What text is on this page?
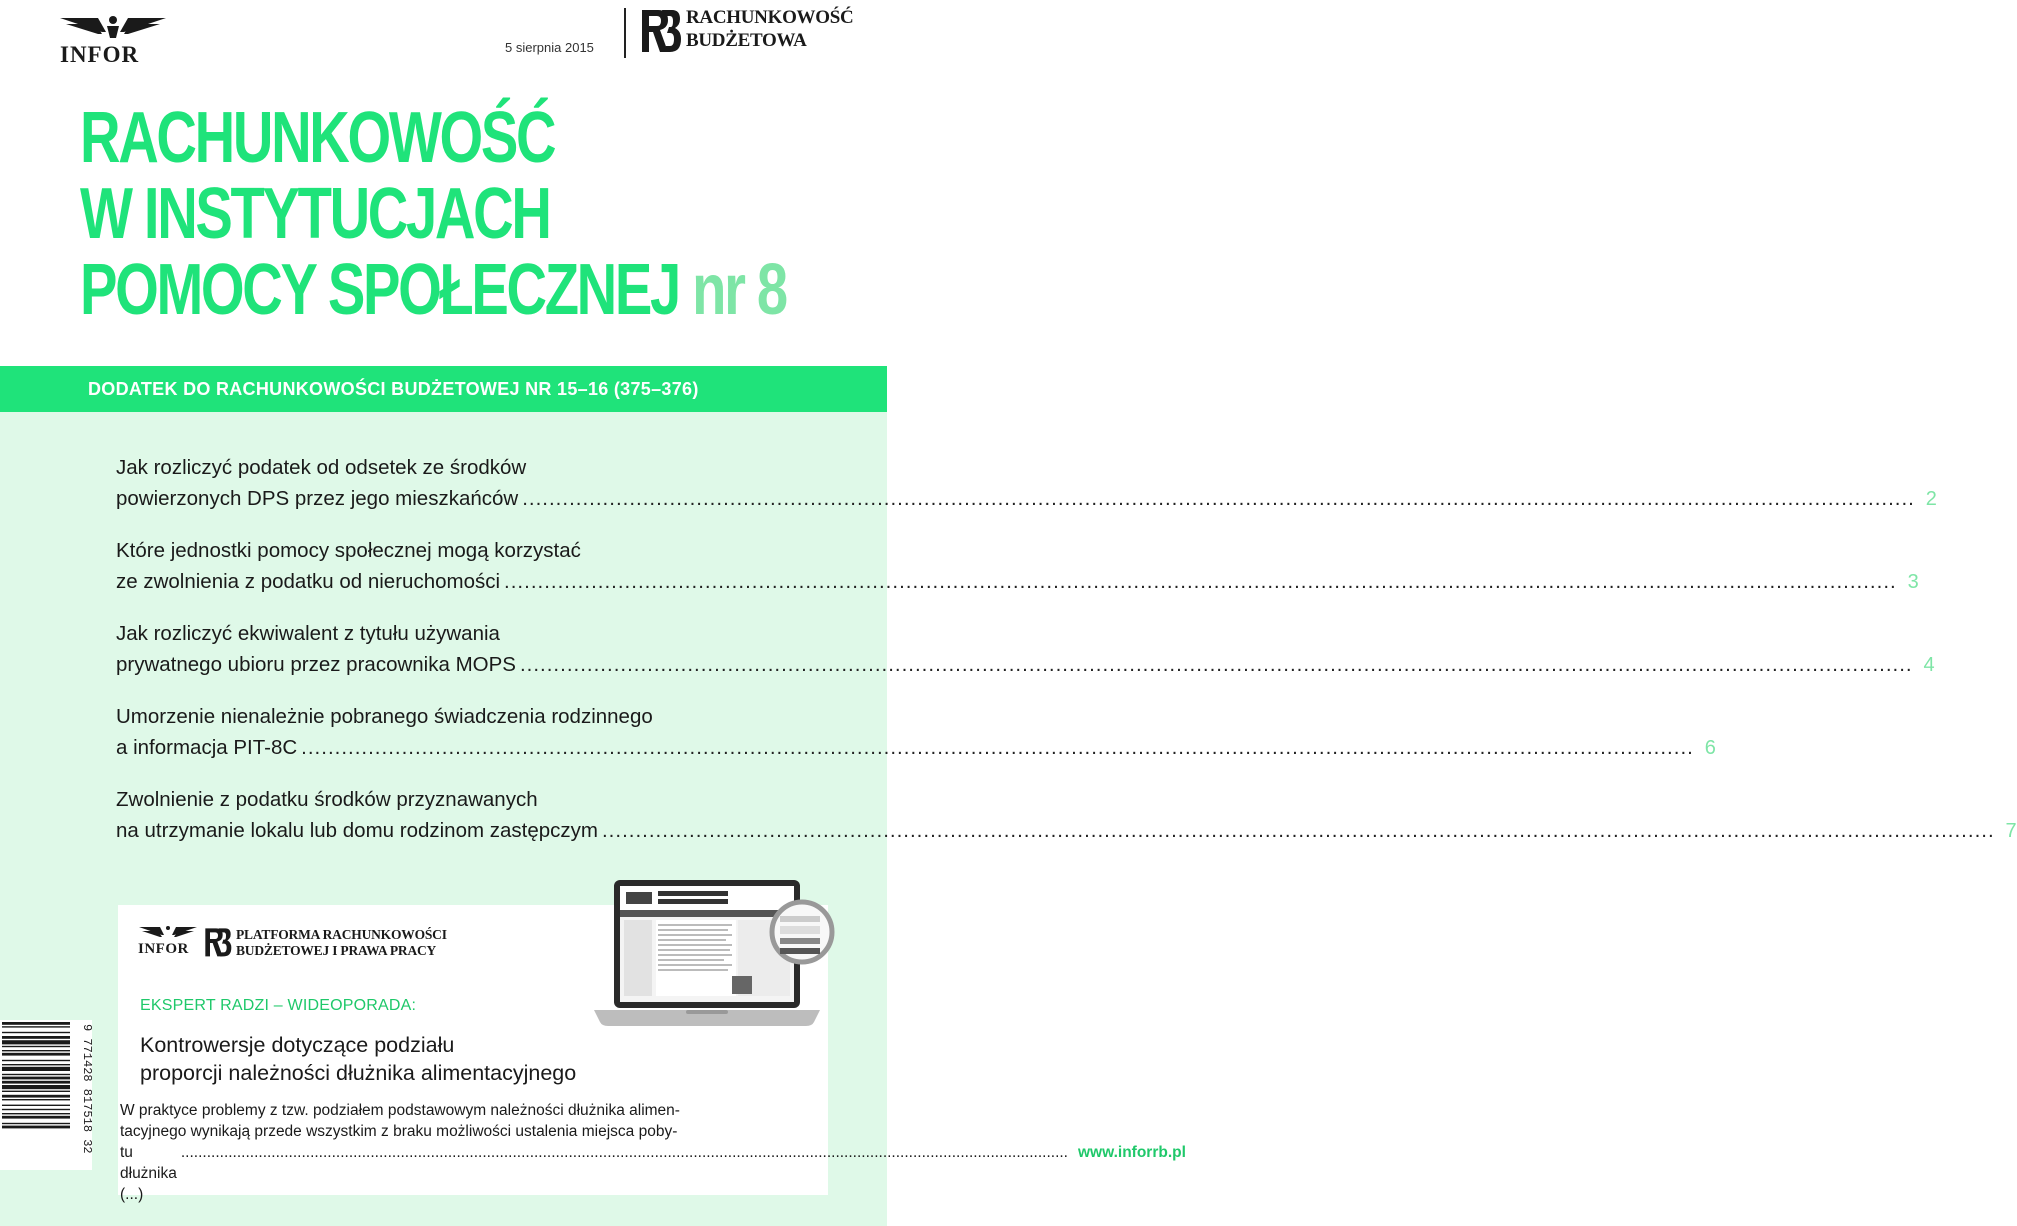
INFOR	5 sierpnia 2015
RACHUNKOWOŚĆ
BUDŻETOWA
RACHUNKOWOŚĆ
W INSTYTUCJACH
POMOCY SPOŁECZNEJ nr 8
DODATEK DO RACHUNKOWOŚCI BUDŻETOWEJ NR 15–16 (375–376)
Jak rozliczyć podatek od odsetek ze środków
powierzonych DPS przez jego mieszkańców .....	2
Które jednostki pomocy społecznej mogą korzystać
ze zwolnienia z podatku od nieruchomości .....	3
Jak rozliczyć ekwiwalent z tytułu używania
prywatnego ubioru przez pracownika MOPS .....	4
Umorzenie nienależnie pobranego świadczenia rodzinnego
a informacja PIT-8C .....	6
Zwolnienie z podatku środków przyznawanych
na utrzymanie lokalu lub domu rodzinom zastępczym .....	7
INFOR
PLATFORMA RACHUNKOWOŚCI
BUDŻETOWEJ I PRAWA PRACY
EKSPERT RADZI – WIDEOPORADA:
Kontrowersje dotyczące podziału
proporcji należności dłużnika alimentacyjnego
W praktyce problemy z tzw. podziałem podstawowym należności dłużnika alimen-
tacyjnego wynikają przede wszystkim z braku możliwości ustalenia miejsca poby-
tu dłużnika (...)
.....
www.inforrb.pl
9 771428 817518 32
